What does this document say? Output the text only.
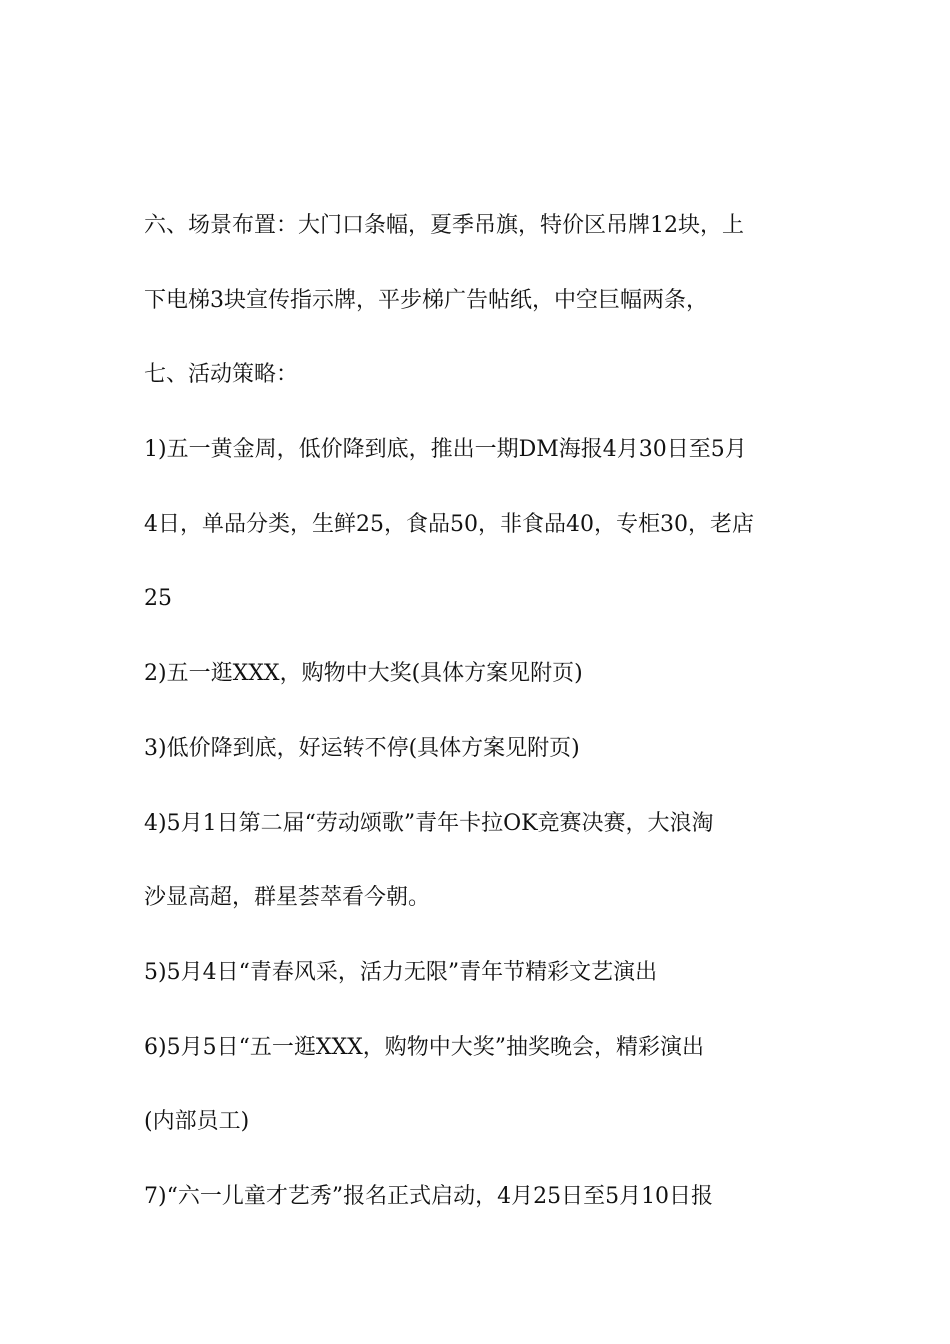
六、场景布置：大门口条幅，夏季吊旗，特价区吊牌12块，上
下电梯3块宣传指示牌，平步梯广告帖纸，中空巨幅两条，
七、活动策略：
1)五一黄金周，低价降到底，推出一期DM海报4月30日至5月
4日，单品分类，生鲜25，食品50，非食品40，专柜30，老店
25
2)五一逛XXX，购物中大奖(具体方案见附页)
3)低价降到底，好运转不停(具体方案见附页)
4)5月1日第二届“劳动颂歌”青年卡拉OK竞赛决赛，大浪淘
沙显高超，群星荟萃看今朝。
5)5月4日“青春风采，活力无限”青年节精彩文艺演出
6)5月5日“五一逛XXX，购物中大奖”抽奖晚会，精彩演出
(内部员工)
7)“六一儿童才艺秀”报名正式启动，4月25日至5月10日报
